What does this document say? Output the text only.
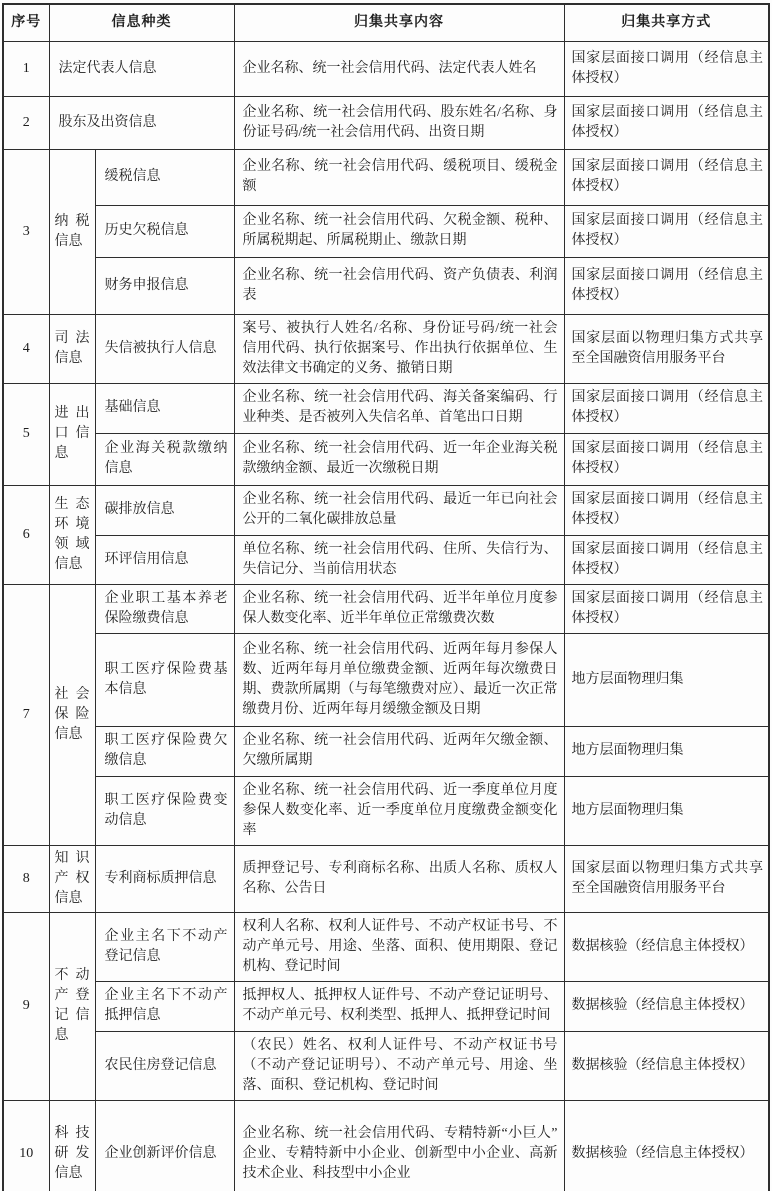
序号	信息种类		归集共享内容	归集共享方式
1	法定代表人信息		企业名称、统一社会信用代码、法定代表人姓名	国家层面接口调用（经信息主体授权）
2	股东及出资信息		企业名称、统一社会信用代码、股东姓名/名称、身份证号码/统一社会信用代码、出资日期	国家层面接口调用（经信息主体授权）
3	纳税信息	缓税信息	企业名称、统一社会信用代码、缓税项目、缓税金额	国家层面接口调用（经信息主体授权）
		历史欠税信息	企业名称、统一社会信用代码、欠税金额、税种、所属税期起、所属税期止、缴款日期	国家层面接口调用（经信息主体授权）
		财务申报信息	企业名称、统一社会信用代码、资产负债表、利润表	国家层面接口调用（经信息主体授权）
4	司法信息	失信被执行人信息	案号、被执行人姓名/名称、身份证号码/统一社会信用代码、执行依据案号、作出执行依据单位、生效法律文书确定的义务、撤销日期	国家层面以物理归集方式共享至全国融资信用服务平台
5	进出口信息	基础信息	企业名称、统一社会信用代码、海关备案编码、行业种类、是否被列入失信名单、首笔出口日期	国家层面接口调用（经信息主体授权）
		企业海关税款缴纳信息	企业名称、统一社会信用代码、近一年企业海关税款缴纳金额、最近一次缴税日期	国家层面接口调用（经信息主体授权）
6	生态环境领域信息	碳排放信息	企业名称、统一社会信用代码、最近一年已向社会公开的二氧化碳排放总量	国家层面接口调用（经信息主体授权）
		环评信用信息	单位名称、统一社会信用代码、住所、失信行为、失信记分、当前信用状态	国家层面接口调用（经信息主体授权）
7	社会保险信息	企业职工基本养老保险缴费信息	企业名称、统一社会信用代码、近半年单位月度参保人数变化率、近半年单位正常缴费次数	国家层面接口调用（经信息主体授权）
		职工医疗保险费基本信息	企业名称、统一社会信用代码、近两年每月参保人数、近两年每月单位缴费金额、近两年每次缴费日期、费款所属期（与每笔缴费对应）、最近一次正常缴费月份、近两年每月缓缴金额及日期	地方层面物理归集
		职工医疗保险费欠缴信息	企业名称、统一社会信用代码、近两年欠缴金额、欠缴所属期	地方层面物理归集
		职工医疗保险费变动信息	企业名称、统一社会信用代码、近一季度单位月度参保人数变化率、近一季度单位月度缴费金额变化率	地方层面物理归集
8	知识产权信息	专利商标质押信息	质押登记号、专利商标名称、出质人名称、质权人名称、公告日	国家层面以物理归集方式共享至全国融资信用服务平台
9	不动产登记信息	企业主名下不动产登记信息	权利人名称、权利人证件号、不动产权证书号、不动产单元号、用途、坐落、面积、使用期限、登记机构、登记时间	数据核验（经信息主体授权）
		企业主名下不动产抵押信息	抵押权人、抵押权人证件号、不动产登记证明号、不动产单元号、权利类型、抵押人、抵押登记时间	数据核验（经信息主体授权）
		农民住房登记信息	（农民）姓名、权利人证件号、不动产权证书号（不动产登记证明号）、不动产单元号、用途、坐落、面积、登记机构、登记时间	数据核验（经信息主体授权）
10	科技研发信息	企业创新评价信息	企业名称、统一社会信用代码、专精特新“小巨人”企业、专精特新中小企业、创新型中小企业、高新技术企业、科技型中小企业	数据核验（经信息主体授权）
